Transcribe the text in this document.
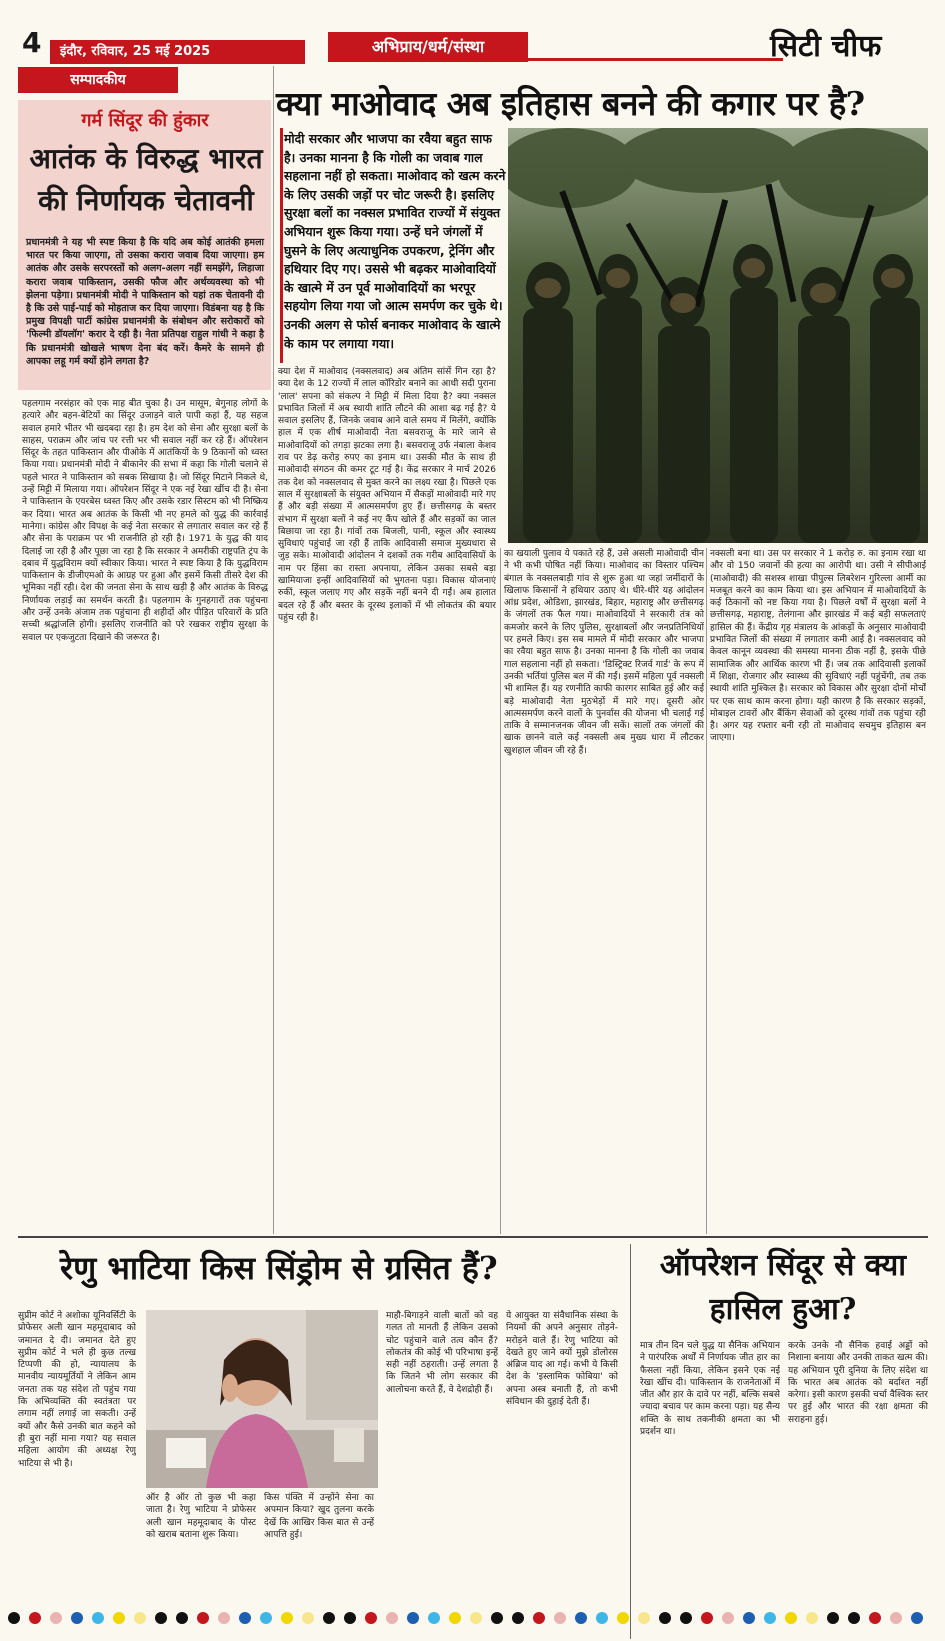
4	इंदौर, रविवार, 25 मई 2025	अभिप्राय/धर्म/संस्था	सिटी चीफ
सम्पादकीय
गर्म सिंदूर की हुंकार
आतंक के विरुद्ध भारत की निर्णायक चेतावनी
प्रधानमंत्री ने यह भी स्पष्ट किया है कि यदि अब कोई आतंकी हमला भारत पर किया जाएगा, तो उसका करारा जवाब दिया जाएगा। हम आतंक और उसके सरपरस्तों को अलग-अलग नहीं समझेंगे, लिहाजा करारा जवाब पाकिस्तान, उसकी फौज और अर्थव्यवस्था को भी झेलना पड़ेगा। प्रधानमंत्री मोदी ने पाकिस्तान को यहां तक चेतावनी दी है कि उसे पाई-पाई को मोहताज कर दिया जाएगा। विडंबना यह है कि प्रमुख विपक्षी पार्टी कांग्रेस प्रधानमंत्री के संबोधन और सरोकारों को 'फिल्मी डॉयलॉग' करार दे रही है। नेता प्रतिपक्ष राहुल गांधी ने कहा है कि प्रधानमंत्री खोखले भाषण देना बंद करें। कैमरे के सामने ही आपका लहू गर्म क्यों होने लगता है?
पहलगाम नरसंहार को एक माह बीत चुका है। उन मासूम, बेगुनाह लोगों के हत्यारे और बहन-बेटियों का सिंदूर उजाड़ने वाले पापी कहां हैं, यह सहज सवाल हमारे भीतर भी खदबदा रहा है। हम देश को सेना और सुरक्षा बलों के साहस, पराक्रम और जांच पर रत्ती भर भी सवाल नहीं कर रहे हैं। ऑपरेशन सिंदूर के तहत पाकिस्तान और पीओके में आतंकियों के 9 ठिकानों को ध्वस्त किया गया। प्रधानमंत्री मोदी ने बीकानेर की सभा में कहा कि गोली चलाने से पहले भारत ने पाकिस्तान को सबक सिखाया है। जो सिंदूर मिटाने निकले थे, उन्हें मिट्टी में मिलाया गया। ऑपरेशन सिंदूर ने एक नई रेखा खींच दी है। सेना ने पाकिस्तान के एयरबेस ध्वस्त किए और उसके रडार सिस्टम को भी निष्क्रिय कर दिया। भारत अब आतंक के किसी भी नए हमले को युद्ध की कार्रवाई मानेगा। कांग्रेस और विपक्ष के कई नेता सरकार से लगातार सवाल कर रहे हैं और सेना के पराक्रम पर भी राजनीति हो रही है। 1971 के युद्ध की याद दिलाई जा रही है और पूछा जा रहा है कि सरकार ने अमरीकी राष्ट्रपति ट्रंप के दबाव में युद्धविराम क्यों स्वीकार किया। भारत ने स्पष्ट किया है कि युद्धविराम पाकिस्तान के डीजीएमओ के आग्रह पर हुआ और इसमें किसी तीसरे देश की भूमिका नहीं रही। देश की जनता सेना के साथ खड़ी है और आतंक के विरुद्ध निर्णायक लड़ाई का समर्थन करती है। पहलगाम के गुनहगारों तक पहुंचना और उन्हें उनके अंजाम तक पहुंचाना ही शहीदों और पीड़ित परिवारों के प्रति सच्ची श्रद्धांजलि होगी। इसलिए राजनीति को परे रखकर राष्ट्रीय सुरक्षा के सवाल पर एकजुटता दिखाने की जरूरत है।
क्या माओवाद अब इतिहास बनने की कगार पर है?
मोदी सरकार और भाजपा का रवैया बहुत साफ है। उनका मानना है कि गोली का जवाब गाल सहलाना नहीं हो सकता। माओवाद को खत्म करने के लिए उसकी जड़ों पर चोट जरूरी है। इसलिए सुरक्षा बलों का नक्सल प्रभावित राज्यों में संयुक्त अभियान शुरू किया गया। उन्हें घने जंगलों में घुसने के लिए अत्याधुनिक उपकरण, ट्रेनिंग और हथियार दिए गए। उससे भी बढ़कर माओवादियों के खात्मे में उन पूर्व माओवादियों का भरपूर सहयोग लिया गया जो आत्म समर्पण कर चुके थे। उनकी अलग से फोर्स बनाकर माओवाद के खात्मे के काम पर लगाया गया।
क्या देश में माओवाद (नक्सलवाद) अब अंतिम सांसें गिन रहा है? क्या देश के 12 राज्यों में लाल कॉरिडोर बनाने का आधी सदी पुराना 'लाल' सपना को संकल्प ने मिट्टी में मिला दिया है? क्या नक्सल प्रभावित जिलों में अब स्थायी शांति लौटने की आशा बढ़ गई है? ये सवाल इसलिए हैं, जिनके जवाब आने वाले समय में मिलेंगे, क्योंकि हाल में एक शीर्ष माओवादी नेता बसवराजू के मारे जाने से माओवादियों को तगड़ा झटका लगा है। बसवराजू उर्फ नंबाला केशव राव पर डेढ़ करोड़ रुपए का इनाम था। उसकी मौत के साथ ही माओवादी संगठन की कमर टूट गई है। केंद्र सरकार ने मार्च 2026 तक देश को नक्सलवाद से मुक्त करने का लक्ष्य रखा है। पिछले एक साल में सुरक्षाबलों के संयुक्त अभियान में सैकड़ों माओवादी मारे गए हैं और बड़ी संख्या में आत्मसमर्पण हुए हैं। छत्तीसगढ़ के बस्तर संभाग में सुरक्षा बलों ने कई नए कैंप खोले हैं और सड़कों का जाल बिछाया जा रहा है। गांवों तक बिजली, पानी, स्कूल और स्वास्थ्य सुविधाएं पहुंचाई जा रही हैं ताकि आदिवासी समाज मुख्यधारा से जुड़ सके। माओवादी आंदोलन ने दशकों तक गरीब आदिवासियों के नाम पर हिंसा का रास्ता अपनाया, लेकिन उसका सबसे बड़ा खामियाजा इन्हीं आदिवासियों को भुगतना पड़ा। विकास योजनाएं रुकीं, स्कूल जलाए गए और सड़कें नहीं बनने दी गईं। अब हालात बदल रहे हैं और बस्तर के दूरस्थ इलाकों में भी लोकतंत्र की बयार पहुंच रही है।
का खयाली पुलाव ये पकाते रहे हैं, उसे असली माओवादी चीन ने भी कभी पोषित नहीं किया। माओवाद का विस्तार पश्चिम बंगाल के नक्सलबाड़ी गांव से शुरू हुआ था जहां जमींदारों के खिलाफ किसानों ने हथियार उठाए थे। धीरे-धीरे यह आंदोलन आंध्र प्रदेश, ओडिशा, झारखंड, बिहार, महाराष्ट्र और छत्तीसगढ़ के जंगलों तक फैल गया। माओवादियों ने सरकारी तंत्र को कमजोर करने के लिए पुलिस, सुरक्षाबलों और जनप्रतिनिधियों पर हमले किए। इस सब मामले में मोदी सरकार और भाजपा का रवैया बहुत साफ है। उनका मानना है कि गोली का जवाब गाल सहलाना नहीं हो सकता। 'डिस्ट्रिक्ट रिजर्व गार्ड' के रूप में उनकी भर्तियां पुलिस बल में की गईं। इसमें महिला पूर्व नक्सली भी शामिल हैं। यह रणनीति काफी कारगर साबित हुई और कई बड़े माओवादी नेता मुठभेड़ों में मारे गए। दूसरी ओर आत्मसमर्पण करने वालों के पुनर्वास की योजना भी चलाई गई ताकि वे सम्मानजनक जीवन जी सकें। सालों तक जंगलों की खाक छानने वाले कई नक्सली अब मुख्य धारा में लौटकर खुशहाल जीवन जी रहे हैं।
नक्सली बना था। उस पर सरकार ने 1 करोड़ रु. का इनाम रखा था और वो 150 जवानों की हत्या का आरोपी था। उसी ने सीपीआई (माओवादी) की सशस्त्र शाखा पीपुल्स लिबरेशन गुरिल्ला आर्मी का मजबूत करने का काम किया था। इस अभियान में माओवादियों के कई ठिकानों को नष्ट किया गया है। पिछले वर्षों में सुरक्षा बलों ने छत्तीसगढ़, महाराष्ट्र, तेलंगाना और झारखंड में कई बड़ी सफलताएं हासिल की हैं। केंद्रीय गृह मंत्रालय के आंकड़ों के अनुसार माओवादी प्रभावित जिलों की संख्या में लगातार कमी आई है। नक्सलवाद को केवल कानून व्यवस्था की समस्या मानना ठीक नहीं है, इसके पीछे सामाजिक और आर्थिक कारण भी हैं। जब तक आदिवासी इलाकों में शिक्षा, रोजगार और स्वास्थ्य की सुविधाएं नहीं पहुंचेंगी, तब तक स्थायी शांति मुश्किल है। सरकार को विकास और सुरक्षा दोनों मोर्चों पर एक साथ काम करना होगा। यही कारण है कि सरकार सड़कों, मोबाइल टावरों और बैंकिंग सेवाओं को दूरस्थ गांवों तक पहुंचा रही है। अगर यह रफ्तार बनी रही तो माओवाद सचमुच इतिहास बन जाएगा।
रेणु भाटिया किस सिंड्रोम से ग्रसित हैं?
सुप्रीम कोर्ट ने अशोका यूनिवर्सिटी के प्रोफेसर अली खान महमूदाबाद को जमानत दे दी। जमानत देते हुए सुप्रीम कोर्ट ने भले ही कुछ तल्ख टिप्पणी की हो, न्यायालय के मानवीय न्यायमूर्तियों ने लेकिन आम जनता तक यह संदेश तो पहुंच गया कि अभिव्यक्ति की स्वतंत्रता पर लगाम नहीं लगाई जा सकती। उन्हें क्यों और कैसे उनकी बात कहने को ही बुरा नहीं माना गया? यह सवाल महिला आयोग की अध्यक्ष रेणु भाटिया से भी है।
ऑर है ऑर तो कुछ भी कहा जाता है। रेणु भाटिया ने प्रोफेसर अली खान महमूदाबाद के पोस्ट को खराब बताना शुरू किया।
किस पंक्ति में उन्होंने सेना का अपमान किया? खुद तुलना करके देखें कि आखिर किस बात से उन्हें आपत्ति हुई।
माहौ-बिगाड़ने वाली बातों को वह गलत तो मानती हैं लेकिन उसको चोट पहुंचाने वाले तत्व कौन हैं? लोकतंत्र की कोई भी परिभाषा इन्हें सही नहीं ठहराती। उन्हें लगता है कि जितने भी लोग सरकार की आलोचना करते हैं, वे देशद्रोही हैं।
ये आयुक्त या संवैधानिक संस्था के नियमों की अपने अनुसार तोड़ने-मरोड़ने वाले हैं। रेणु भाटिया को देखते हुए जाने क्यों मुझे डोलोरस अंब्रिज याद आ गई। कभी ये किसी देश के 'इस्लामिक फोबिया' को अपना अस्त्र बनाती हैं, तो कभी संविधान की दुहाई देती हैं।
ऑपरेशन सिंदूर से क्या हासिल हुआ?
मात्र तीन दिन चले युद्ध या सैनिक अभियान ने पारंपरिक अर्थों में निर्णायक जीत हार का फैसला नहीं किया, लेकिन इसने एक नई रेखा खींच दी। पाकिस्तान के राजनेताओं में जीत और हार के दावे पर नहीं, बल्कि सबसे ज्यादा बचाव पर काम करना पड़ा। यह सैन्य शक्ति के साथ तकनीकी क्षमता का भी प्रदर्शन था।
करके उनके नौ सैनिक हवाई अड्डों को निशाना बनाया और उनकी ताकत खत्म की। यह अभियान पूरी दुनिया के लिए संदेश था कि भारत अब आतंक को बर्दाश्त नहीं करेगा। इसी कारण इसकी चर्चा वैश्विक स्तर पर हुई और भारत की रक्षा क्षमता की सराहना हुई।
